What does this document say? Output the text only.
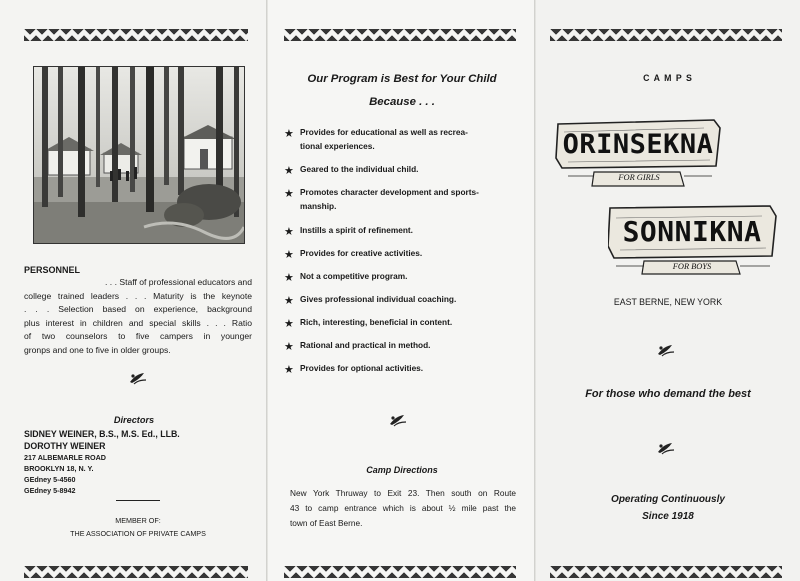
PERSONNEL
. . . Staff of professional educators and
college trained leaders . . . Maturity is the keynote
. . . Selection based on experience, background
plus interest in children and special skills . . . Ratio
of two counselors to five campers in younger
gronps and one to five in older groups.
Directors
SIDNEY WEINER, B.S., M.S. Ed., LLB.
DOROTHY WEINER
217 ALBEMARLE ROAD
BROOKLYN 18, N. Y.
GEdney 5-4560
GEdney 5-8942
MEMBER OF:
THE ASSOCIATION OF PRIVATE CAMPS
Our Program is Best for Your Child
Because . . .
★ Provides for educational as well as recrea-
tional experiences.
★ Geared to the individual child.
★ Promotes character development and sports-
manship.
★ Instills a spirit of refinement.
★ Provides for creative activities.
★ Not a competitive program.
★ Gives professional individual coaching.
★ Rich, interesting, beneficial in content.
★ Rational and practical in method.
★ Provides for optional activities.
Camp Directions
New York Thruway to Exit 23. Then south on Route
43 to camp entrance which is about ½ mile past the
town of East Berne.
C A M P S
ORINSEKNA
FOR GIRLS
SONNIKNA
FOR BOYS
EAST BERNE, NEW YORK
For those who demand the best
Operating Continuously
Since 1918
